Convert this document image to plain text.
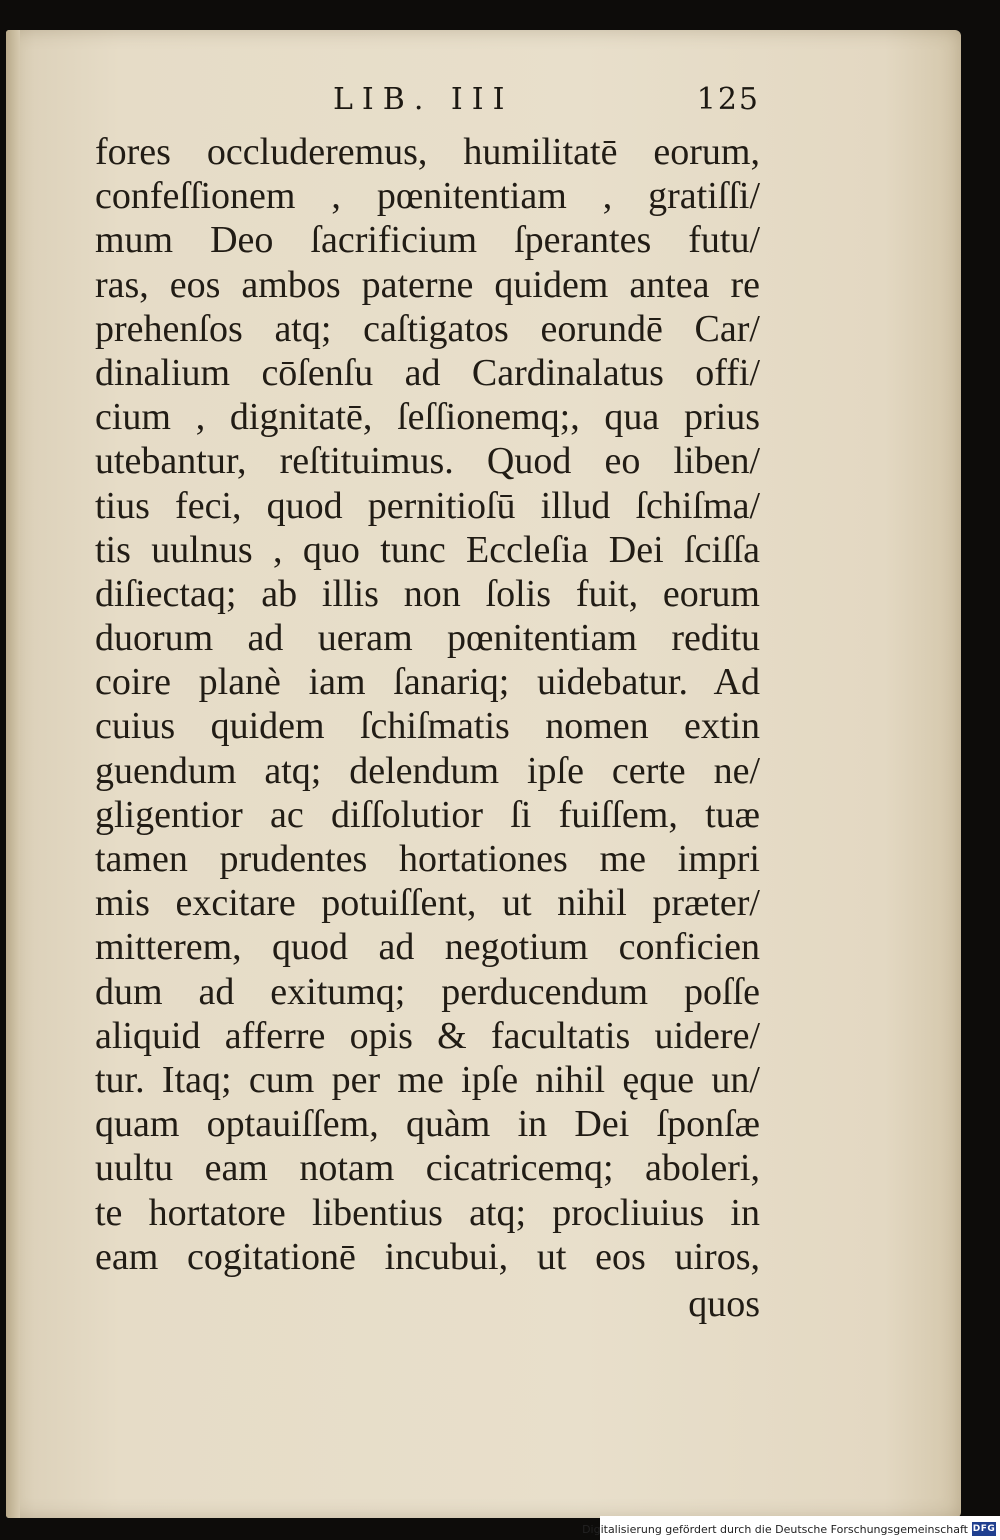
LIB. III	125
fores occluderemus, humilitatē eorum,
confeſſionem , pœnitentiam , gratiſſi/
mum Deo ſacrificium ſperantes futu/
ras, eos ambos paterne quidem antea re
prehenſos atq; caſtigatos eorundē Car/
dinalium cōſenſu ad Cardinalatus offi/
cium , dignitatē, ſeſſionemq;, qua prius
utebantur, reſtituimus. Quod eo liben/
tius feci, quod pernitioſū illud ſchiſma/
tis uulnus , quo tunc Eccleſia Dei ſciſſa
diſiectaq; ab illis non ſolis fuit, eorum
duorum ad ueram pœnitentiam reditu
coire planè iam ſanariq; uidebatur. Ad
cuius quidem ſchiſmatis nomen extin
guendum atq; delendum ipſe certe ne/
gligentior ac diſſolutior ſi fuiſſem, tuæ
tamen prudentes hortationes me impri
mis excitare potuiſſent, ut nihil præter/
mitterem, quod ad negotium conficien
dum ad exitumq; perducendum poſſe
aliquid afferre opis & facultatis uidere/
tur. Itaq; cum per me ipſe nihil ęque un/
quam optauiſſem, quàm in Dei ſponſæ
uultu eam notam cicatricemq; aboleri,
te hortatore libentius atq; procliuius in
eam cogitationē incubui, ut eos uiros,
quos
Digitalisierung gefördert durch die Deutsche Forschungsgemeinschaft DFG
